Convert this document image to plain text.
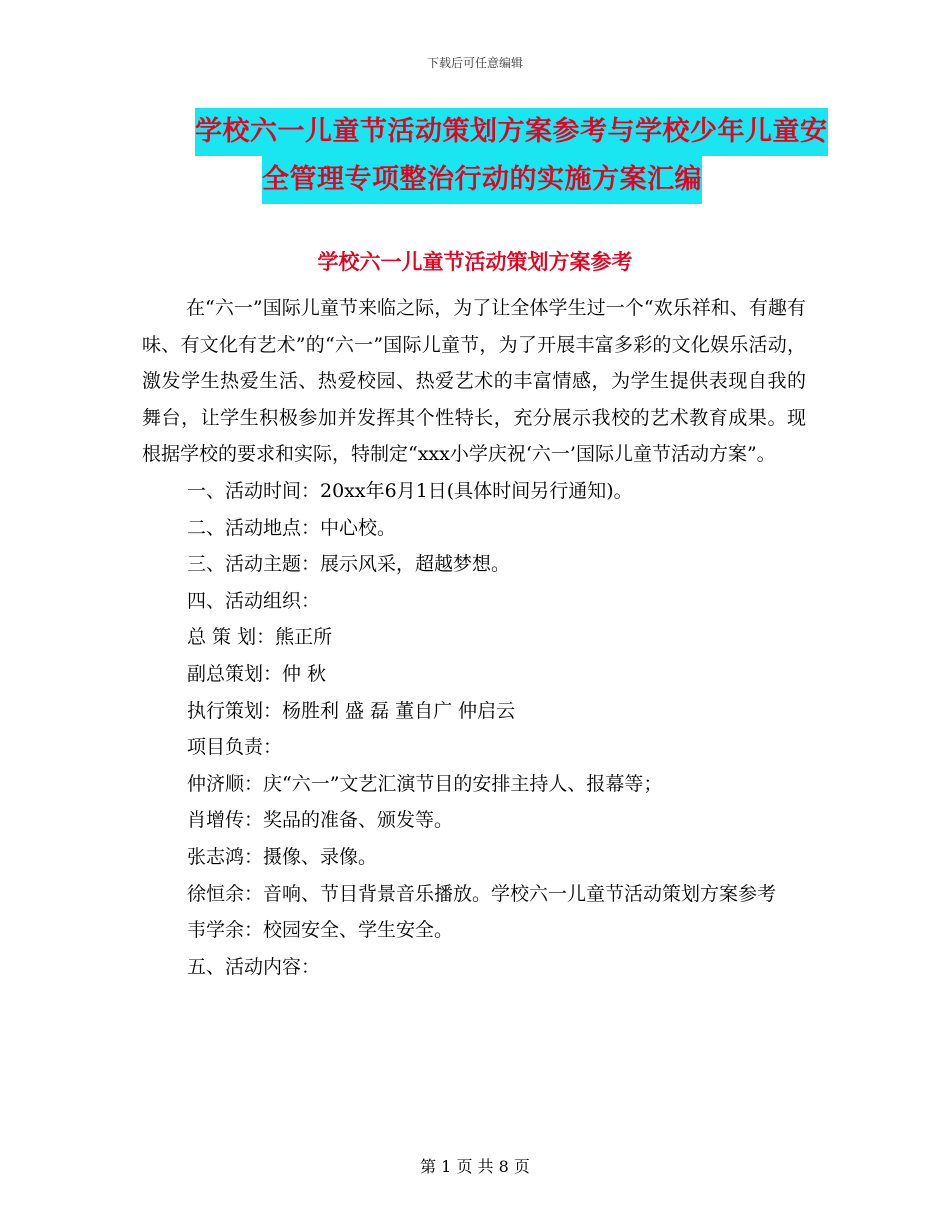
下载后可任意编辑
学校六一儿童节活动策划方案参考与学校少年儿童安
全管理专项整治行动的实施方案汇编
学校六一儿童节活动策划方案参考

在“六一”国际儿童节来临之际，为了让全体学生过一个“欢乐祥和、有趣有味、有文化有艺术”的“六一”国际儿童节，为了开展丰富多彩的文化娱乐活动，激发学生热爱生活、热爱校园、热爱艺术的丰富情感，为学生提供表现自我的舞台，让学生积极参加并发挥其个性特长，充分展示我校的艺术教育成果。现根据学校的要求和实际，特制定“xxx小学庆祝‘六一’国际儿童节活动方案”。

一、活动时间：20xx年6月1日(具体时间另行通知)。

二、活动地点：中心校。

三、活动主题：展示风采，超越梦想。

四、活动组织：

总 策 划：熊正所

副总策划：仲 秋

执行策划：杨胜利 盛 磊 董自广 仲启云

项目负责：

仲济顺：庆“六一”文艺汇演节目的安排主持人、报幕等；

肖增传：奖品的准备、颁发等。

张志鸿：摄像、录像。

徐恒余：音响、节目背景音乐播放。学校六一儿童节活动策划方案参考

韦学余：校园安全、学生安全。

五、活动内容：

第 1 页 共 8 页
